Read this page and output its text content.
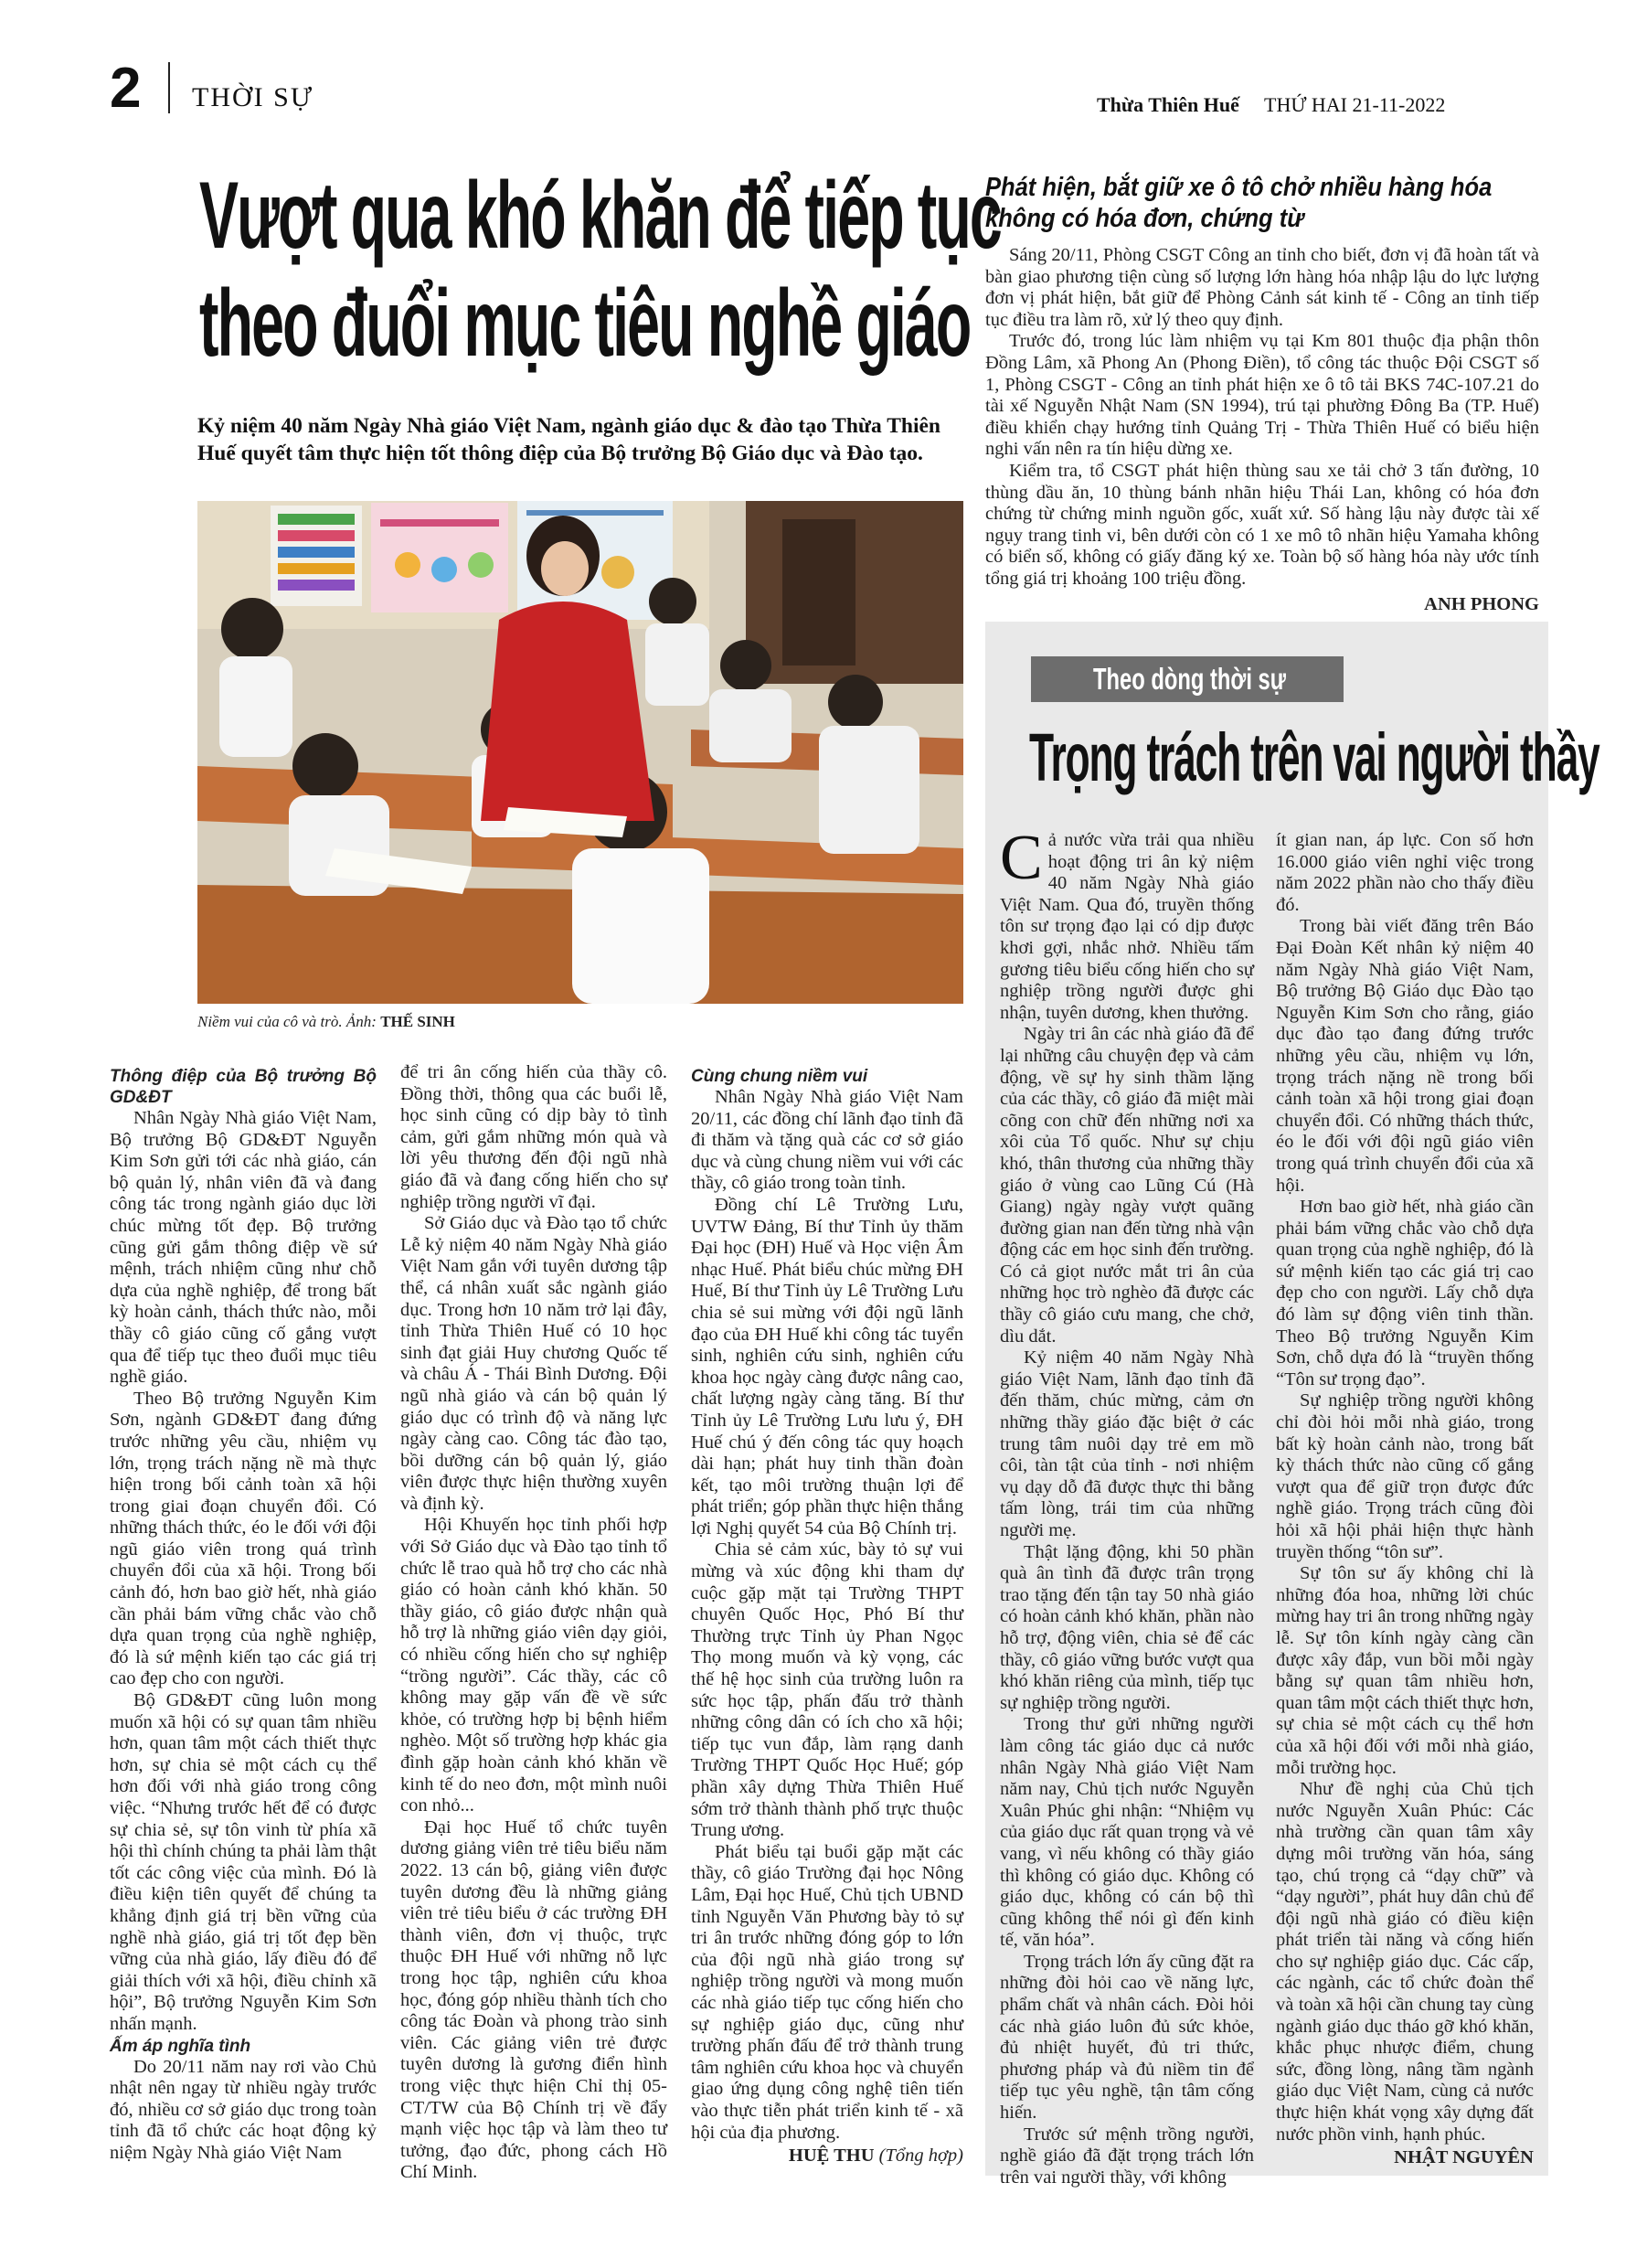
2 THỜI SỰ	Thừa Thiên Huế THỨ HAI 21-11-2022
Vượt qua khó khăn để tiếp tục
theo đuổi mục tiêu nghề giáo
Kỷ niệm 40 năm Ngày Nhà giáo Việt Nam, ngành giáo dục & đào tạo Thừa Thiên Huế quyết tâm thực hiện tốt thông điệp của Bộ trưởng Bộ Giáo dục và Đào tạo.
Niềm vui của cô và trò. Ảnh: THẾ SINH

Thông điệp của Bộ trưởng Bộ GD&ĐT

Nhân Ngày Nhà giáo Việt Nam, Bộ trưởng Bộ GD&ĐT Nguyễn Kim Sơn gửi tới các nhà giáo, cán bộ quản lý, nhân viên đã và đang công tác trong ngành giáo dục lời chúc mừng tốt đẹp. Bộ trưởng cũng gửi gắm thông điệp về sứ mệnh, trách nhiệm cũng như chỗ dựa của nghề nghiệp, để trong bất kỳ hoàn cảnh, thách thức nào, mỗi thầy cô giáo cũng cố gắng vượt qua để tiếp tục theo đuổi mục tiêu nghề giáo.

Theo Bộ trưởng Nguyễn Kim Sơn, ngành GD&ĐT đang đứng trước những yêu cầu, nhiệm vụ lớn, trọng trách nặng nề mà thực hiện trong bối cảnh toàn xã hội trong giai đoạn chuyển đổi. Có những thách thức, éo le đối với đội ngũ giáo viên trong quá trình chuyển đổi của xã hội. Trong bối cảnh đó, hơn bao giờ hết, nhà giáo cần phải bám vững chắc vào chỗ dựa quan trọng của nghề nghiệp, đó là sứ mệnh kiến tạo các giá trị cao đẹp cho con người.

Bộ GD&ĐT cũng luôn mong muốn xã hội có sự quan tâm nhiều hơn, quan tâm một cách thiết thực hơn, sự chia sẻ một cách cụ thể hơn đối với nhà giáo trong công việc. “Nhưng trước hết để có được sự chia sẻ, sự tôn vinh từ phía xã hội thì chính chúng ta phải làm thật tốt các công việc của mình. Đó là điều kiện tiên quyết để chúng ta khẳng định giá trị bền vững của nghề nhà giáo, giá trị tốt đẹp bền vững của nhà giáo, lấy điều đó để giải thích với xã hội, điều chỉnh xã hội”, Bộ trưởng Nguyễn Kim Sơn nhấn mạnh.

Ấm áp nghĩa tình

Do 20/11 năm nay rơi vào Chủ nhật nên ngay từ nhiều ngày trước đó, nhiều cơ sở giáo dục trong toàn tỉnh đã tổ chức các hoạt động kỷ niệm Ngày Nhà giáo Việt Nam

để tri ân cống hiến của thầy cô. Đồng thời, thông qua các buổi lễ, học sinh cũng có dịp bày tỏ tình cảm, gửi gắm những món quà và lời yêu thương đến đội ngũ nhà giáo đã và đang cống hiến cho sự nghiệp trồng người vĩ đại.

Sở Giáo dục và Đào tạo tổ chức Lễ kỷ niệm 40 năm Ngày Nhà giáo Việt Nam gắn với tuyên dương tập thể, cá nhân xuất sắc ngành giáo dục. Trong hơn 10 năm trở lại đây, tỉnh Thừa Thiên Huế có 10 học sinh đạt giải Huy chương Quốc tế và châu Á - Thái Bình Dương. Đội ngũ nhà giáo và cán bộ quản lý giáo dục có trình độ và năng lực ngày càng cao. Công tác đào tạo, bồi dưỡng cán bộ quản lý, giáo viên được thực hiện thường xuyên và định kỳ.

Hội Khuyến học tỉnh phối hợp với Sở Giáo dục và Đào tạo tỉnh tổ chức lễ trao quà hỗ trợ cho các nhà giáo có hoàn cảnh khó khăn. 50 thầy giáo, cô giáo được nhận quà hỗ trợ là những giáo viên dạy giỏi, có nhiều cống hiến cho sự nghiệp “trồng người”. Các thầy, các cô không may gặp vấn đề về sức khỏe, có trường hợp bị bệnh hiểm nghèo. Một số trường hợp khác gia đình gặp hoàn cảnh khó khăn về kinh tế do neo đơn, một mình nuôi con nhỏ...

Đại học Huế tổ chức tuyên dương giảng viên trẻ tiêu biểu năm 2022. 13 cán bộ, giảng viên được tuyên dương đều là những giảng viên trẻ tiêu biểu ở các trường ĐH thành viên, đơn vị thuộc, trực thuộc ĐH Huế với những nỗ lực trong học tập, nghiên cứu khoa học, đóng góp nhiều thành tích cho công tác Đoàn và phong trào sinh viên. Các giảng viên trẻ được tuyên dương là gương điển hình trong việc thực hiện Chỉ thị 05-CT/TW của Bộ Chính trị về đẩy mạnh việc học tập và làm theo tư tưởng, đạo đức, phong cách Hồ Chí Minh.

Cùng chung niềm vui

Nhân Ngày Nhà giáo Việt Nam 20/11, các đồng chí lãnh đạo tỉnh đã đi thăm và tặng quà các cơ sở giáo dục và cùng chung niềm vui với các thầy, cô giáo trong toàn tỉnh.

Đồng chí Lê Trường Lưu, UVTW Đảng, Bí thư Tỉnh ủy thăm Đại học (ĐH) Huế và Học viện Âm nhạc Huế. Phát biểu chúc mừng ĐH Huế, Bí thư Tỉnh ủy Lê Trường Lưu chia sẻ sui mừng với đội ngũ lãnh đạo của ĐH Huế khi công tác tuyển sinh, nghiên cứu sinh, nghiên cứu khoa học ngày càng được nâng cao, chất lượng ngày càng tăng. Bí thư Tỉnh ủy Lê Trường Lưu lưu ý, ĐH Huế chú ý đến công tác quy hoạch dài hạn; phát huy tinh thần đoàn kết, tạo môi trường thuận lợi để phát triển; góp phần thực hiện thắng lợi Nghị quyết 54 của Bộ Chính trị.

Chia sẻ cảm xúc, bày tỏ sự vui mừng và xúc động khi tham dự cuộc gặp mặt tại Trường THPT chuyên Quốc Học, Phó Bí thư Thường trực Tỉnh ủy Phan Ngọc Thọ mong muốn và kỳ vọng, các thế hệ học sinh của trường luôn ra sức học tập, phấn đấu trở thành những công dân có ích cho xã hội; tiếp tục vun đắp, làm rạng danh Trường THPT Quốc Học Huế; góp phần xây dựng Thừa Thiên Huế sớm trở thành thành phố trực thuộc Trung ương.

Phát biểu tại buổi gặp mặt các thầy, cô giáo Trường đại học Nông Lâm, Đại học Huế, Chủ tịch UBND tỉnh Nguyễn Văn Phương bày tỏ sự tri ân trước những đóng góp to lớn của đội ngũ nhà giáo trong sự nghiệp trồng người và mong muốn các nhà giáo tiếp tục cống hiến cho sự nghiệp giáo dục, cũng như trường phấn đấu để trở thành trung tâm nghiên cứu khoa học và chuyển giao ứng dụng công nghệ tiên tiến vào thực tiễn phát triển kinh tế - xã hội của địa phương.

HUỆ THU (Tổng hợp)
Phát hiện, bắt giữ xe ô tô chở nhiều hàng hóa
không có hóa đơn, chứng từ

Sáng 20/11, Phòng CSGT Công an tỉnh cho biết, đơn vị đã hoàn tất và bàn giao phương tiện cùng số lượng lớn hàng hóa nhập lậu do lực lượng đơn vị phát hiện, bắt giữ để Phòng Cảnh sát kinh tế - Công an tỉnh tiếp tục điều tra làm rõ, xử lý theo quy định.

Trước đó, trong lúc làm nhiệm vụ tại Km 801 thuộc địa phận thôn Đồng Lâm, xã Phong An (Phong Điền), tổ công tác thuộc Đội CSGT số 1, Phòng CSGT - Công an tỉnh phát hiện xe ô tô tải BKS 74C-107.21 do tài xế Nguyễn Nhật Nam (SN 1994), trú tại phường Đông Ba (TP. Huế) điều khiển chạy hướng tỉnh Quảng Trị - Thừa Thiên Huế có biểu hiện nghi vấn nên ra tín hiệu dừng xe.

Kiểm tra, tổ CSGT phát hiện thùng sau xe tải chở 3 tấn đường, 10 thùng dầu ăn, 10 thùng bánh nhãn hiệu Thái Lan, không có hóa đơn chứng từ chứng minh nguồn gốc, xuất xứ. Số hàng lậu này được tài xế ngụy trang tinh vi, bên dưới còn có 1 xe mô tô nhãn hiệu Yamaha không có biển số, không có giấy đăng ký xe. Toàn bộ số hàng hóa này ước tính tổng giá trị khoảng 100 triệu đồng.

ANH PHONG
Theo dòng thời sự
Trọng trách trên vai người thầy

Cả nước vừa trải qua nhiều hoạt động tri ân kỷ niệm 40 năm Ngày Nhà giáo Việt Nam. Qua đó, truyền thống tôn sư trọng đạo lại có dịp được khơi gợi, nhắc nhở. Nhiều tấm gương tiêu biểu cống hiến cho sự nghiệp trồng người được ghi nhận, tuyên dương, khen thưởng.

Ngày tri ân các nhà giáo đã để lại những câu chuyện đẹp và cảm động, về sự hy sinh thầm lặng của các thầy, cô giáo đã miệt mài cõng con chữ đến những nơi xa xôi của Tổ quốc. Như sự chịu khó, thân thương của những thầy giáo ở vùng cao Lũng Cú (Hà Giang) ngày ngày vượt quãng đường gian nan đến từng nhà vận động các em học sinh đến trường. Có cả giọt nước mắt tri ân của những học trò nghèo đã được các thầy cô giáo cưu mang, che chở, dìu dắt.

Kỷ niệm 40 năm Ngày Nhà giáo Việt Nam, lãnh đạo tỉnh đã đến thăm, chúc mừng, cảm ơn những thầy giáo đặc biệt ở các trung tâm nuôi dạy trẻ em mồ côi, tàn tật của tỉnh - nơi nhiệm vụ dạy dỗ đã được thực thi bằng tấm lòng, trái tim của những người mẹ.

Thật lặng động, khi 50 phần quà ân tình đã được trân trọng trao tặng đến tận tay 50 nhà giáo có hoàn cảnh khó khăn, phần nào hỗ trợ, động viên, chia sẻ để các thầy, cô giáo vững bước vượt qua khó khăn riêng của mình, tiếp tục sự nghiệp trồng người.

Trong thư gửi những người làm công tác giáo dục cả nước nhân Ngày Nhà giáo Việt Nam năm nay, Chủ tịch nước Nguyễn Xuân Phúc ghi nhận: “Nhiệm vụ của giáo dục rất quan trọng và vẻ vang, vì nếu không có thầy giáo thì không có giáo dục. Không có giáo dục, không có cán bộ thì cũng không thể nói gì đến kinh tế, văn hóa”.

Trọng trách lớn ấy cũng đặt ra những đòi hỏi cao về năng lực, phẩm chất và nhân cách. Đòi hỏi các nhà giáo luôn đủ sức khỏe, đủ nhiệt huyết, đủ tri thức, phương pháp và đủ niềm tin để tiếp tục yêu nghề, tận tâm cống hiến.

Trước sứ mệnh trồng người, nghề giáo đã đặt trọng trách lớn trên vai người thầy, với không

ít gian nan, áp lực. Con số hơn 16.000 giáo viên nghỉ việc trong năm 2022 phần nào cho thấy điều đó.

Trong bài viết đăng trên Báo Đại Đoàn Kết nhân kỷ niệm 40 năm Ngày Nhà giáo Việt Nam, Bộ trưởng Bộ Giáo dục Đào tạo Nguyễn Kim Sơn cho rằng, giáo dục đào tạo đang đứng trước những yêu cầu, nhiệm vụ lớn, trọng trách nặng nề trong bối cảnh toàn xã hội trong giai đoạn chuyển đổi. Có những thách thức, éo le đối với đội ngũ giáo viên trong quá trình chuyển đổi của xã hội.

Hơn bao giờ hết, nhà giáo cần phải bám vững chắc vào chỗ dựa quan trọng của nghề nghiệp, đó là sứ mệnh kiến tạo các giá trị cao đẹp cho con người. Lấy chỗ dựa đó làm sự động viên tinh thần. Theo Bộ trưởng Nguyễn Kim Sơn, chỗ dựa đó là “truyền thống “Tôn sư trọng đạo”.

Sự nghiệp trồng người không chỉ đòi hỏi mỗi nhà giáo, trong bất kỳ hoàn cảnh nào, trong bất kỳ thách thức nào cũng cố gắng vượt qua để giữ trọn được đức nghề giáo. Trọng trách cũng đòi hỏi xã hội phải hiện thực hành truyền thống “tôn sư”.

Sự tôn sư ấy không chỉ là những đóa hoa, những lời chúc mừng hay tri ân trong những ngày lễ. Sự tôn kính ngày càng cần được xây đắp, vun bồi mỗi ngày bằng sự quan tâm nhiều hơn, quan tâm một cách thiết thực hơn, sự chia sẻ một cách cụ thể hơn của xã hội đối với mỗi nhà giáo, mỗi trường học.

Như đề nghị của Chủ tịch nước Nguyễn Xuân Phúc: Các nhà trường cần quan tâm xây dựng môi trường văn hóa, sáng tạo, chú trọng cả “dạy chữ” và “dạy người”, phát huy dân chủ để đội ngũ nhà giáo có điều kiện phát triển tài năng và cống hiến cho sự nghiệp giáo dục. Các cấp, các ngành, các tổ chức đoàn thể và toàn xã hội cần chung tay cùng ngành giáo dục tháo gỡ khó khăn, khắc phục nhược điểm, chung sức, đồng lòng, nâng tầm ngành giáo dục Việt Nam, cùng cả nước thực hiện khát vọng xây dựng đất nước phồn vinh, hạnh phúc.

NHẬT NGUYÊN
